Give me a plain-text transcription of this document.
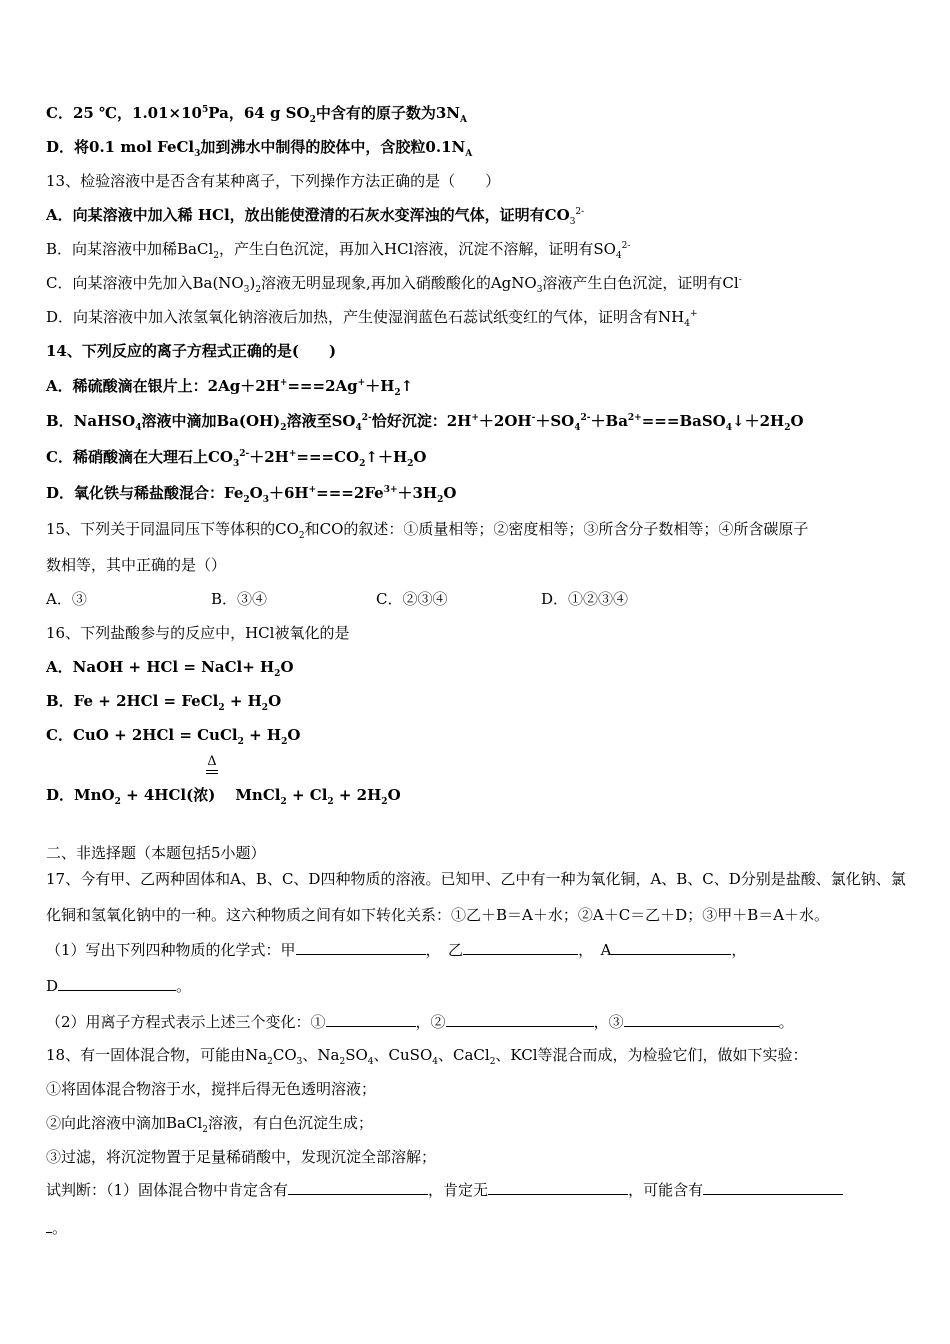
C．25 ℃，$1.01\times 10^5Pa$，64 g $SO_2$中含有的原子数为$3N_A$
D．将0.1 mol FeCl$_3$加到沸水中制得的胶体中，含胶粒$0.1N_A$
13、检验溶液中是否含有某种离子，下列操作方法正确的是（　　）
A．向某溶液中加入稀 HCl，放出能使澄清的石灰水变浑浊的气体，证明有$CO_3^{2-}$
B．向某溶液中加稀BaCl$_2$，产生白色沉淀，再加入HCl溶液，沉淀不溶解，证明有$SO_4^{2-}$
C．向某溶液中先加入$Ba(NO_3)_2$溶液无明显现象,再加入硝酸酸化的AgNO$_3$溶液产生白色沉淀，证明有Cl-
D．向某溶液中加入浓氢氧化钠溶液后加热，产生使湿润蓝色石蕊试纸变红的气体，证明含有$NH_4^+$
14、下列反应的离子方程式正确的是(　　)
A．稀硫酸滴在银片上：$2Ag+2H^+===2Ag^++H_2↑$
B．NaHSO$_4$溶液中滴加$Ba(OH)_2$溶液至$SO_4^{2-}$恰好沉淀：$2H^++2OH^-+SO_4^{2-}+Ba^{2+}===BaSO_4↓+2H_2O$
C．稀硝酸滴在大理石上$CO_3^{2-}+2H^+===CO_2↑+H_2O$
D．氧化铁与稀盐酸混合：$Fe_2O_3+6H^+===2Fe^{3+}+3H_2O$
15、下列关于同温同压下等体积的$CO_2$和CO的叙述：①质量相等；②密度相等；③所含分子数相等；④所含碳原子
数相等，其中正确的是（）
A．③	B．③④	C．②③④	D．①②③④
16、下列盐酸参与的反应中，HCl被氧化的是
A．NaOH + HCl = NaCl+ $H_2O$
B．Fe + 2HCl = FeCl$_2$ + $H_2O$
C．CuO + 2HCl = CuCl$_2$ + $H_2O$
Δ
D．MnO$_2$ + 4HCl(浓) MnCl$_2$ + $Cl_2 + 2H_2O$
二、非选择题（本题包括5小题）
17、今有甲、乙两种固体和A、B、C、D四种物质的溶液。已知甲、乙中有一种为氧化铜，A、B、C、D分别是盐酸、氯化钠、氯
化铜和氢氧化钠中的一种。这六种物质之间有如下转化关系：①乙＋B＝A＋水；②A＋C＝乙＋D；③甲＋B＝A＋水。
（1）写出下列四种物质的化学式：甲	，　乙	，　A	，
D	。
（2）用离子方程式表示上述三个变化：①	，②	，③	。
18、有一固体混合物，可能由$Na_2CO_3$、$Na_2SO_4$、CuSO$_4$、CaCl$_2$、KCl等混合而成，为检验它们，做如下实验：
①将固体混合物溶于水，搅拌后得无色透明溶液；
②向此溶液中滴加BaCl$_2$溶液，有白色沉淀生成；
③过滤，将沉淀物置于足量稀硝酸中，发现沉淀全部溶解；
试判断：（1）固体混合物中肯定含有	，肯定无	，可能含有
。
